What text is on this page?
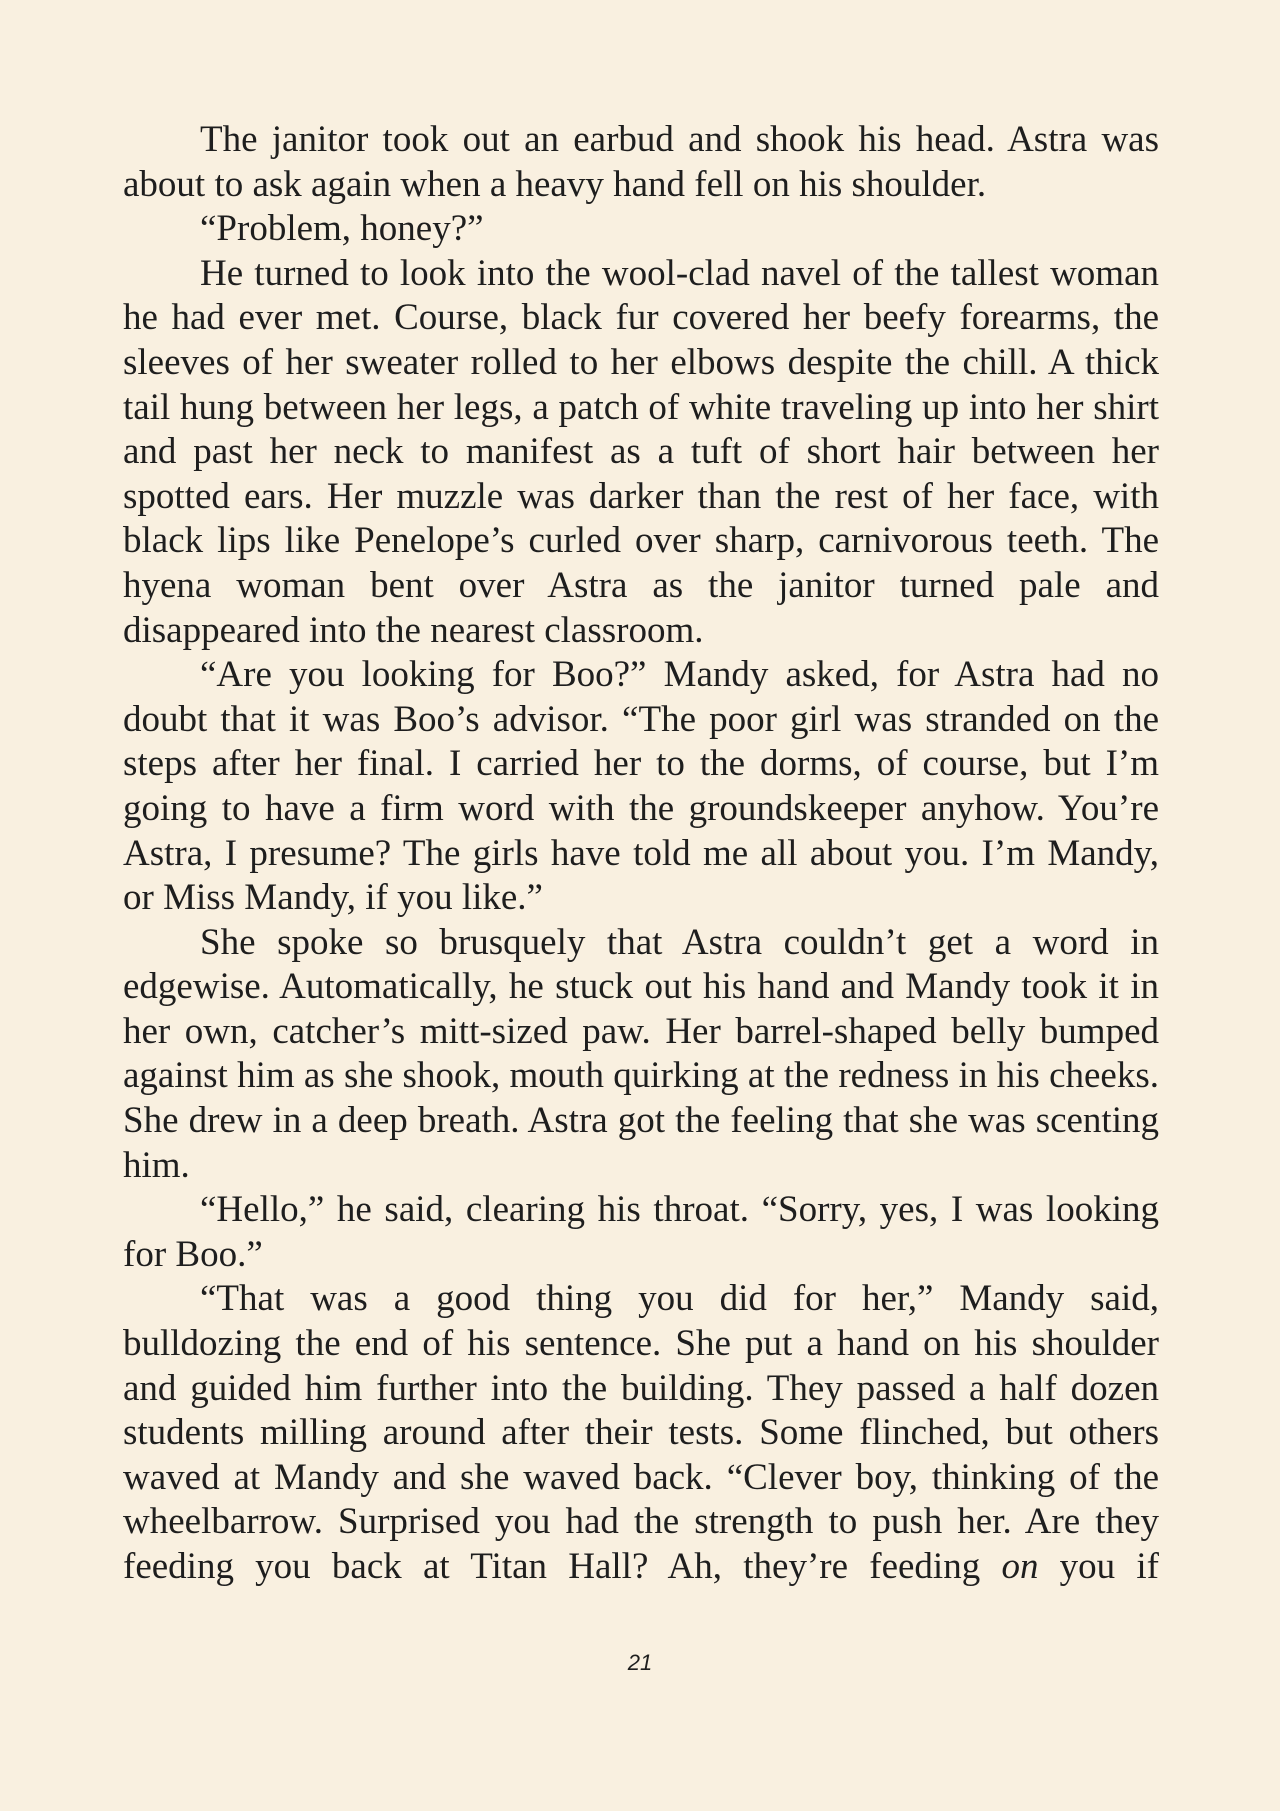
The janitor took out an earbud and shook his head. Astra was about to ask again when a heavy hand fell on his shoulder.

“Problem, honey?”

He turned to look into the wool-clad navel of the tallest woman he had ever met. Course, black fur covered her beefy forearms, the sleeves of her sweater rolled to her elbows despite the chill. A thick tail hung between her legs, a patch of white traveling up into her shirt and past her neck to manifest as a tuft of short hair between her spotted ears. Her muzzle was darker than the rest of her face, with black lips like Penelope’s curled over sharp, carnivorous teeth. The hyena woman bent over Astra as the janitor turned pale and disappeared into the nearest classroom.

“Are you looking for Boo?” Mandy asked, for Astra had no doubt that it was Boo’s advisor. “The poor girl was stranded on the steps after her final. I carried her to the dorms, of course, but I’m going to have a firm word with the groundskeeper anyhow. You’re Astra, I presume? The girls have told me all about you. I’m Mandy, or Miss Mandy, if you like.”

She spoke so brusquely that Astra couldn’t get a word in edgewise. Automatically, he stuck out his hand and Mandy took it in her own, catcher’s mitt-sized paw. Her barrel-shaped belly bumped against him as she shook, mouth quirking at the redness in his cheeks. She drew in a deep breath. Astra got the feeling that she was scenting him.

“Hello,” he said, clearing his throat. “Sorry, yes, I was looking for Boo.”

“That was a good thing you did for her,” Mandy said, bulldozing the end of his sentence. She put a hand on his shoulder and guided him further into the building. They passed a half dozen students milling around after their tests. Some flinched, but others waved at Mandy and she waved back. “Clever boy, thinking of the wheelbarrow. Surprised you had the strength to push her. Are they feeding you back at Titan Hall? Ah, they’re feeding on you if

21
